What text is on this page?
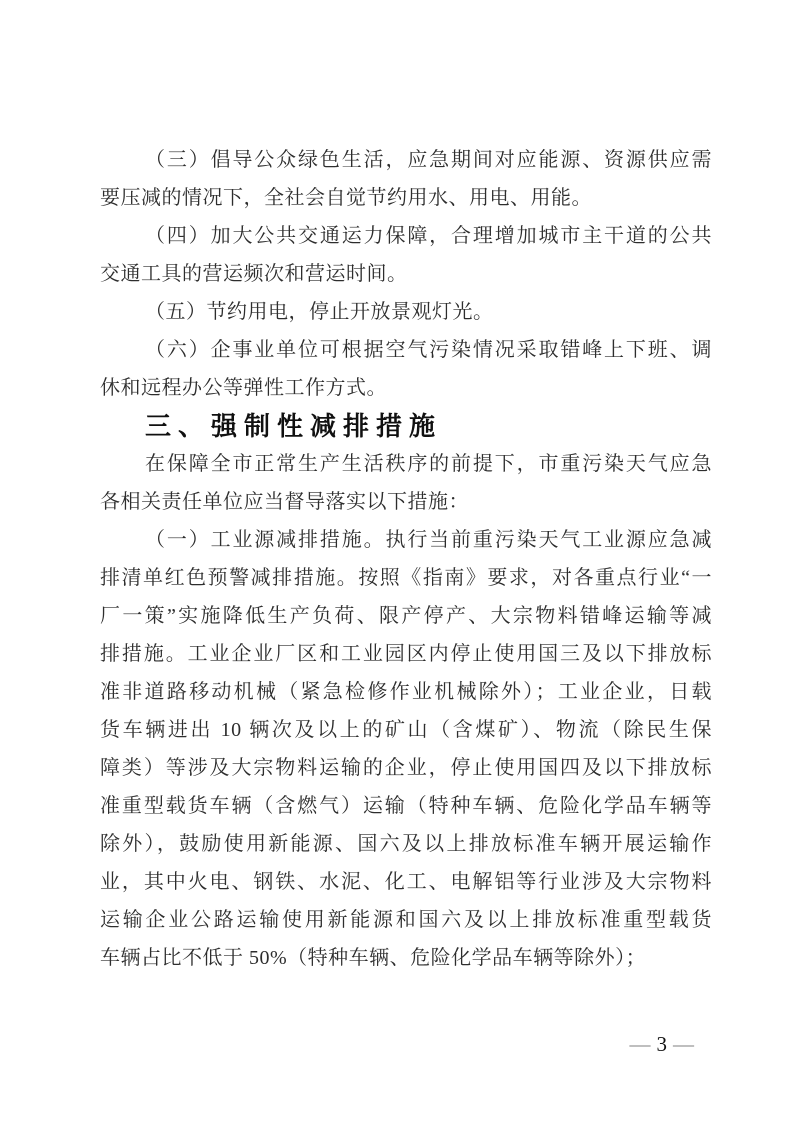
（三）倡导公众绿色生活，应急期间对应能源、资源供应需
要压减的情况下，全社会自觉节约用水、用电、用能。
（四）加大公共交通运力保障，合理增加城市主干道的公共
交通工具的营运频次和营运时间。
（五）节约用电，停止开放景观灯光。
（六）企事业单位可根据空气污染情况采取错峰上下班、调
休和远程办公等弹性工作方式。
三、强制性减排措施
在保障全市正常生产生活秩序的前提下，市重污染天气应急
各相关责任单位应当督导落实以下措施：
（一）工业源减排措施。执行当前重污染天气工业源应急减
排清单红色预警减排措施。按照《指南》要求，对各重点行业“一
厂一策”实施降低生产负荷、限产停产、大宗物料错峰运输等减
排措施。工业企业厂区和工业园区内停止使用国三及以下排放标
准非道路移动机械（紧急检修作业机械除外）；工业企业，日载
货车辆进出 10 辆次及以上的矿山（含煤矿）、物流（除民生保
障类）等涉及大宗物料运输的企业，停止使用国四及以下排放标
准重型载货车辆（含燃气）运输（特种车辆、危险化学品车辆等
除外），鼓励使用新能源、国六及以上排放标准车辆开展运输作
业，其中火电、钢铁、水泥、化工、电解铝等行业涉及大宗物料
运输企业公路运输使用新能源和国六及以上排放标准重型载货
车辆占比不低于 50%（特种车辆、危险化学品车辆等除外）；
— 3 —
